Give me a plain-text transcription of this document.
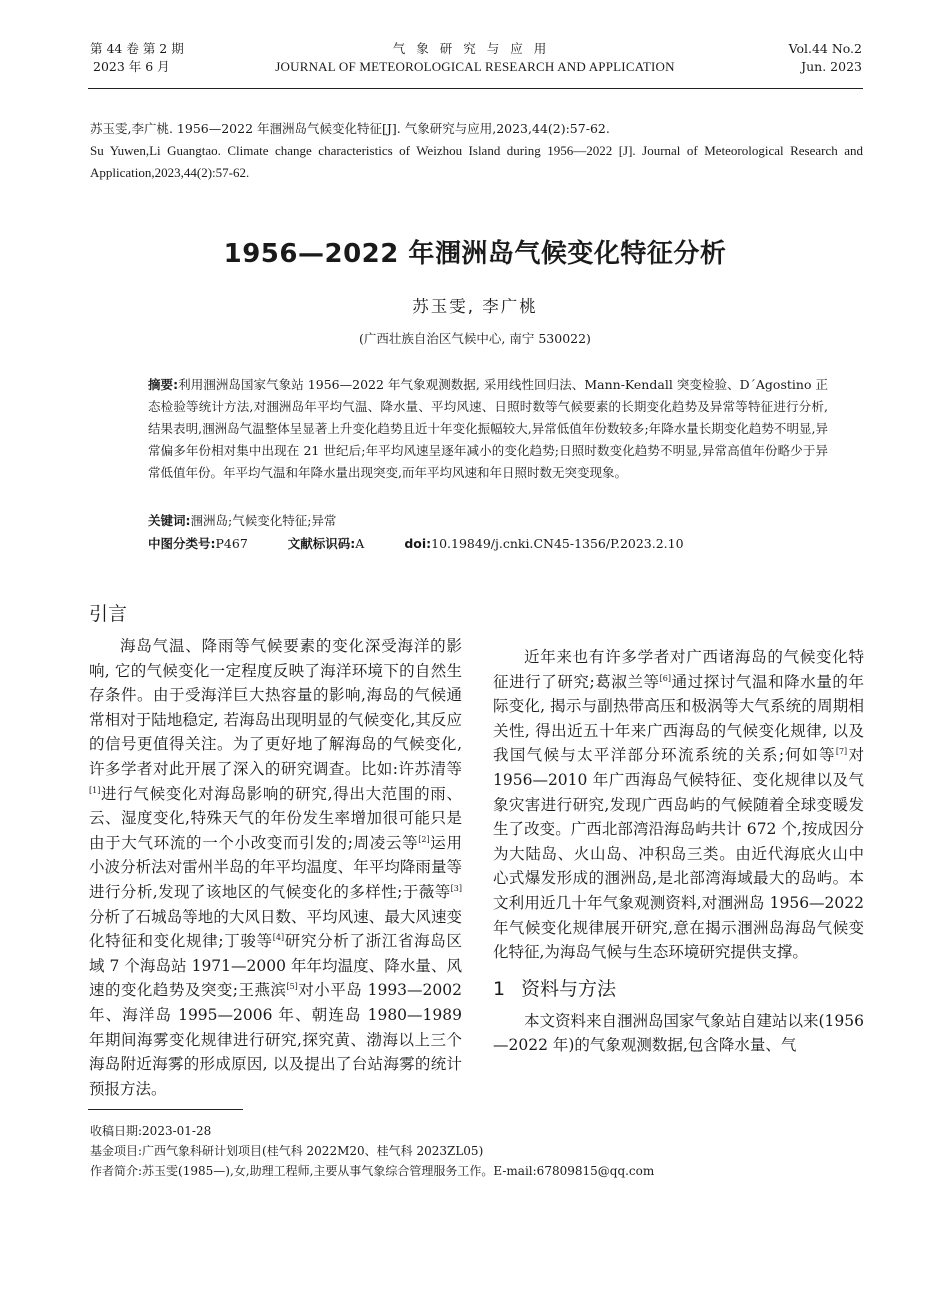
第 44 卷 第 2 期
2023 年 6 月
气象研究与应用
JOURNAL OF METEOROLOGICAL RESEARCH AND APPLICATION
Vol.44 No.2
Jun. 2023
苏玉雯,李广桃. 1956—2022 年涠洲岛气候变化特征[J]. 气象研究与应用,2023,44(2):57-62.
Su Yuwen,Li Guangtao. Climate change characteristics of Weizhou Island during 1956—2022 [J]. Journal of Meteorological Research and Application,2023,44(2):57-62.
1956—2022 年涠洲岛气候变化特征分析
苏玉雯, 李广桃
(广西壮族自治区气候中心, 南宁 530022)
摘要:利用涠洲岛国家气象站 1956—2022 年气象观测数据, 采用线性回归法、Mann-Kendall 突变检验、D´Agostino 正态检验等统计方法,对涠洲岛年平均气温、降水量、平均风速、日照时数等气候要素的长期变化趋势及异常等特征进行分析,结果表明,涠洲岛气温整体呈显著上升变化趋势且近十年变化振幅较大,异常低值年份数较多;年降水量长期变化趋势不明显,异常偏多年份相对集中出现在 21 世纪后;年平均风速呈逐年减小的变化趋势;日照时数变化趋势不明显,异常高值年份略少于异常低值年份。年平均气温和年降水量出现突变,而年平均风速和年日照时数无突变现象。
关键词:涠洲岛;气候变化特征;异常
中图分类号:P467	文献标识码:A	doi:10.19849/j.cnki.CN45-1356/P.2023.2.10
引言
海岛气温、降雨等气候要素的变化深受海洋的影响, 它的气候变化一定程度反映了海洋环境下的自然生存条件。由于受海洋巨大热容量的影响,海岛的气候通常相对于陆地稳定, 若海岛出现明显的气候变化,其反应的信号更值得关注。为了更好地了解海岛的气候变化,许多学者对此开展了深入的研究调查。比如:许苏清等[1]进行气候变化对海岛影响的研究,得出大范围的雨、云、湿度变化,特殊天气的年份发生率增加很可能只是由于大气环流的一个小改变而引发的;周凌云等[2]运用小波分析法对雷州半岛的年平均温度、年平均降雨量等进行分析,发现了该地区的气候变化的多样性;于薇等[3]分析了石城岛等地的大风日数、平均风速、最大风速变化特征和变化规律;丁骏等[4]研究分析了浙江省海岛区域 7 个海岛站 1971—2000 年年均温度、降水量、风速的变化趋势及突变;王燕滨[5]对小平岛 1993—2002 年、海洋岛 1995—2006 年、朝连岛 1980—1989 年期间海雾变化规律进行研究,探究黄、渤海以上三个海岛附近海雾的形成原因, 以及提出了台站海雾的统计预报方法。
近年来也有许多学者对广西诸海岛的气候变化特征进行了研究;葛淑兰等[6]通过探讨气温和降水量的年际变化, 揭示与副热带高压和极涡等大气系统的周期相关性, 得出近五十年来广西海岛的气候变化规律, 以及我国气候与太平洋部分环流系统的关系;何如等[7]对 1956—2010 年广西海岛气候特征、变化规律以及气象灾害进行研究,发现广西岛屿的气候随着全球变暖发生了改变。广西北部湾沿海岛屿共计 672 个,按成因分为大陆岛、火山岛、冲积岛三类。由近代海底火山中心式爆发形成的涠洲岛,是北部湾海域最大的岛屿。本文利用近几十年气象观测资料,对涠洲岛 1956—2022 年气候变化规律展开研究,意在揭示涠洲岛海岛气候变化特征,为海岛气候与生态环境研究提供支撑。
1 资料与方法
本文资料来自涠洲岛国家气象站自建站以来(1956—2022 年)的气象观测数据,包含降水量、气
收稿日期:2023-01-28
基金项目:广西气象科研计划项目(桂气科 2022M20、桂气科 2023ZL05)
作者简介:苏玉雯(1985—),女,助理工程师,主要从事气象综合管理服务工作。E-mail:67809815@qq.com
